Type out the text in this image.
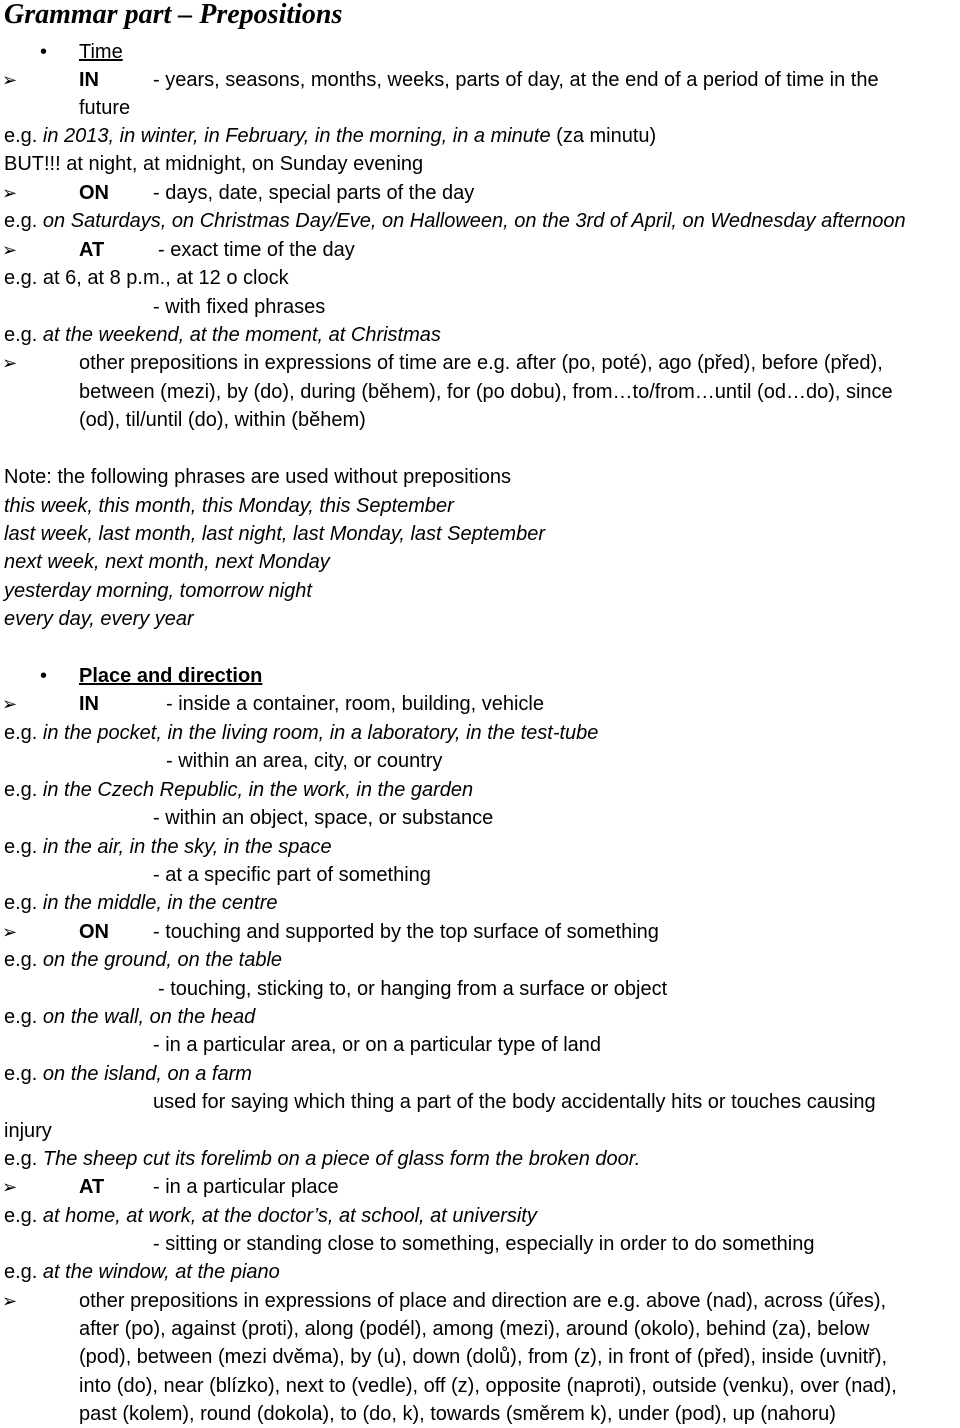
Grammar part – Prepositions
• Time
➢	IN	- years, seasons, months, weeks, parts of day, at the end of a period of time in the
future
e.g. in 2013, in winter, in February, in the morning, in a minute (za minutu)
BUT!!! at night, at midnight, on Sunday evening
➢	ON - days, date, special parts of the day
e.g. on Saturdays, on Christmas Day/Eve, on Halloween, on the 3rd of April, on Wednesday afternoon
➢	AT	- exact time of the day
e.g. at 6, at 8 p.m., at 12 o clock
- with fixed phrases
e.g. at the weekend, at the moment, at Christmas
➢	other prepositions in expressions of time are e.g. after (po, poté), ago (před), before (před),
between (mezi), by (do), during (během), for (po dobu), from…to/from…until (od…do), since
(od), til/until (do), within (během)
Note: the following phrases are used without prepositions
this week, this month, this Monday, this September
last week, last month, last night, last Monday, last September
next week, next month, next Monday
yesterday morning, tomorrow night
every day, every year
• Place and direction
➢	IN	- inside a container, room, building, vehicle
e.g. in the pocket, in the living room, in a laboratory, in the test-tube
- within an area, city, or country
e.g. in the Czech Republic, in the work, in the garden
- within an object, space, or substance
e.g. in the air, in the sky, in the space
- at a specific part of something
e.g. in the middle, in the centre
➢	ON - touching and supported by the top surface of something
e.g. on the ground, on the table
- touching, sticking to, or hanging from a surface or object
e.g. on the wall, on the head
- in a particular area, or on a particular type of land
e.g. on the island, on a farm
used for saying which thing a part of the body accidentally hits or touches causing
injury
e.g. The sheep cut its forelimb on a piece of glass form the broken door.
➢	AT - in a particular place
e.g. at home, at work, at the doctor’s, at school, at university
- sitting or standing close to something, especially in order to do something
e.g. at the window, at the piano
➢	other prepositions in expressions of place and direction are e.g. above (nad), across (úřes),
after (po), against (proti), along (podél), among (mezi), around (okolo), behind (za), below
(pod), between (mezi dvěma), by (u), down (dolů), from (z), in front of (před), inside (uvnitř),
into (do), near (blízko), next to (vedle), off (z), opposite (naproti), outside (venku), over (nad),
past (kolem), round (dokola), to (do, k), towards (směrem k), under (pod), up (nahoru)
